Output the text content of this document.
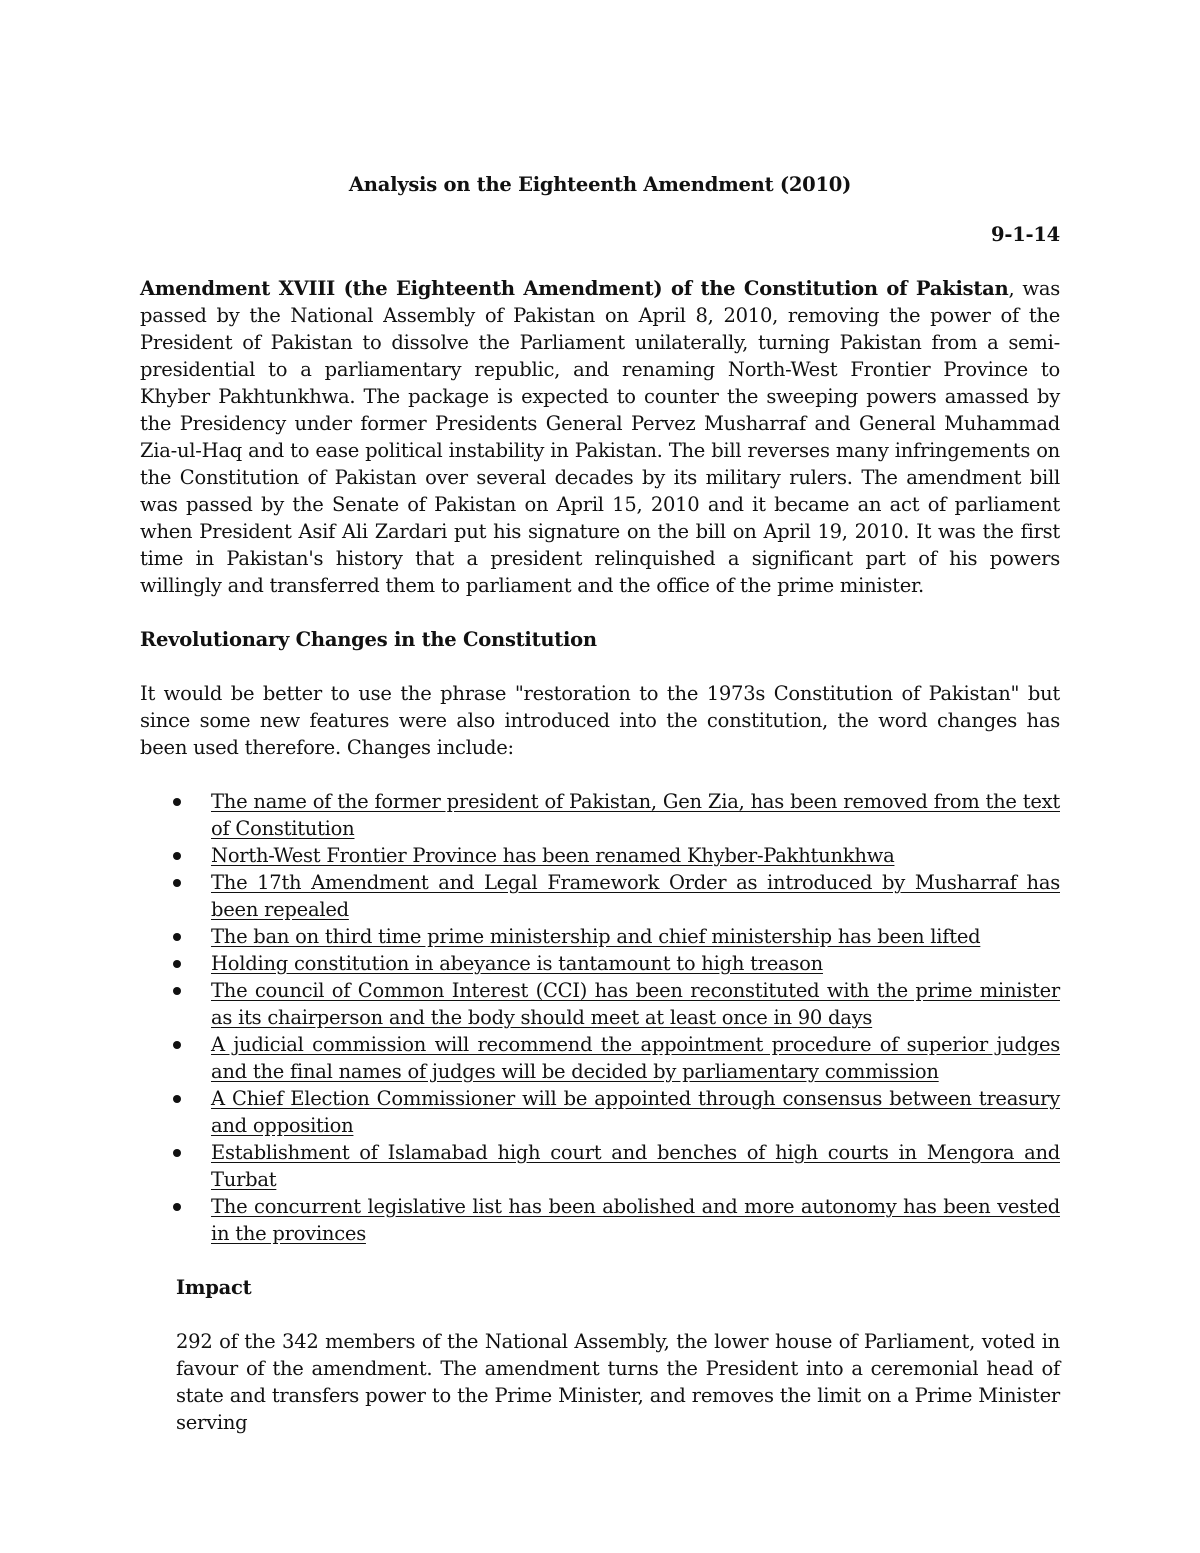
Analysis on the Eighteenth Amendment (2010)

9-1-14

Amendment XVIII (the Eighteenth Amendment) of the Constitution of Pakistan, was passed by the National Assembly of Pakistan on April 8, 2010, removing the power of the President of Pakistan to dissolve the Parliament unilaterally, turning Pakistan from a semi-presidential to a parliamentary republic, and renaming North-West Frontier Province to Khyber Pakhtunkhwa. The package is expected to counter the sweeping powers amassed by the Presidency under former Presidents General Pervez Musharraf and General Muhammad Zia-ul-Haq and to ease political instability in Pakistan. The bill reverses many infringements on the Constitution of Pakistan over several decades by its military rulers. The amendment bill was passed by the Senate of Pakistan on April 15, 2010 and it became an act of parliament when President Asif Ali Zardari put his signature on the bill on April 19, 2010. It was the first time in Pakistan's history that a president relinquished a significant part of his powers willingly and transferred them to parliament and the office of the prime minister.

Revolutionary Changes in the Constitution

It would be better to use the phrase "restoration to the 1973s Constitution of Pakistan" but since some new features were also introduced into the constitution, the word changes has been used therefore. Changes include:

The name of the former president of Pakistan, Gen Zia, has been removed from the text of Constitution
North-West Frontier Province has been renamed Khyber-Pakhtunkhwa
The 17th Amendment and Legal Framework Order as introduced by Musharraf has been repealed
The ban on third time prime ministership and chief ministership has been lifted
Holding constitution in abeyance is tantamount to high treason
The council of Common Interest (CCI) has been reconstituted with the prime minister as its chairperson and the body should meet at least once in 90 days
A judicial commission will recommend the appointment procedure of superior judges and the final names of judges will be decided by parliamentary commission
A Chief Election Commissioner will be appointed through consensus between treasury and opposition
Establishment of Islamabad high court and benches of high courts in Mengora and Turbat
The concurrent legislative list has been abolished and more autonomy has been vested in the provinces
Impact

292 of the 342 members of the National Assembly, the lower house of Parliament, voted in favour of the amendment. The amendment turns the President into a ceremonial head of state and transfers power to the Prime Minister, and removes the limit on a Prime Minister serving
